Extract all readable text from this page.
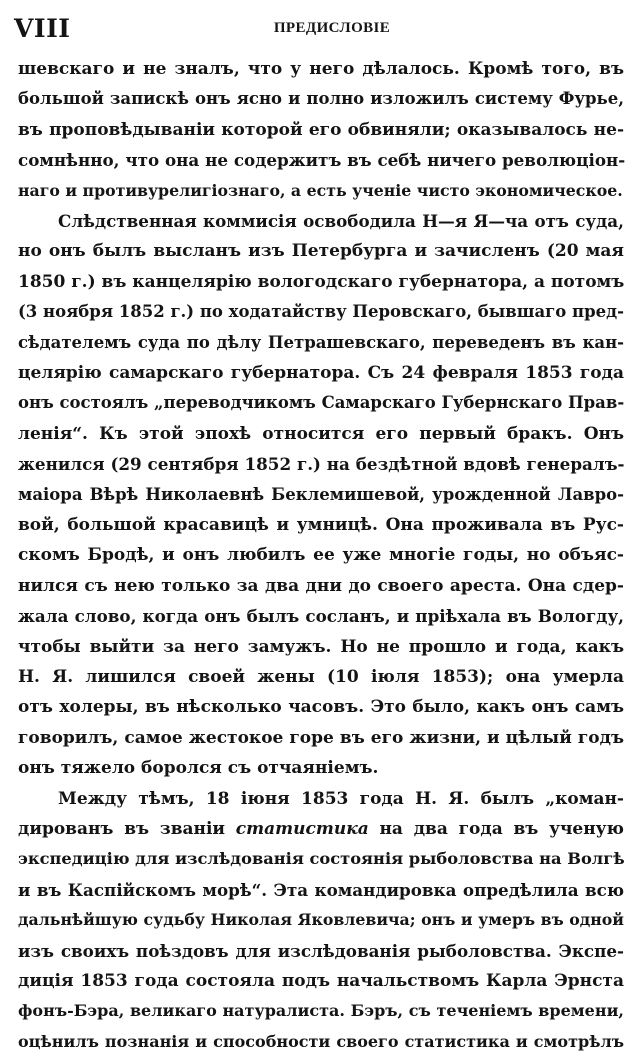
VIII	ПРЕДИСЛОВІЕ
шевскаго и не зналъ, что у него дѣлалось. Кромѣ того, въ
большой запискѣ онъ ясно и полно изложилъ систему Фурье,
въ проповѣдываніи которой его обвиняли; оказывалось не-
сомнѣнно, что она не содержитъ въ себѣ ничего революціон-
наго и противурелигіознаго, а есть ученіе чисто экономическое.
Слѣдственная коммисія освободила Н—я Я—ча отъ суда,
но онъ былъ высланъ изъ Петербурга и зачисленъ (20 мая
1850 г.) въ канцелярію вологодскаго губернатора, а потомъ
(3 ноября 1852 г.) по ходатайству Перовскаго, бывшаго пред-
сѣдателемъ суда по дѣлу Петрашевскаго, переведенъ въ кан-
целярію самарскаго губернатора. Съ 24 февраля 1853 года
онъ состоялъ „переводчикомъ Самарскаго Губернскаго Прав-
ленія“. Къ этой эпохѣ относится его первый бракъ. Онъ
женился (29 сентября 1852 г.) на бездѣтной вдовѣ генералъ-
маіора Вѣрѣ Николаевнѣ Беклемишевой, урожденной Лавро-
вой, большой красавицѣ и умницѣ. Она проживала въ Рус-
скомъ Бродѣ, и онъ любилъ ее уже многіе годы, но объяс-
нился съ нею только за два дни до своего ареста. Она сдер-
жала слово, когда онъ былъ сосланъ, и пріѣхала въ Вологду,
чтобы выйти за него замужъ. Но не прошло и года, какъ
Н. Я. лишился своей жены (10 іюля 1853); она умерла
отъ холеры, въ нѣсколько часовъ. Это было, какъ онъ самъ
говорилъ, самое жестокое горе въ его жизни, и цѣлый годъ
онъ тяжело боролся съ отчаяніемъ.
Между тѣмъ, 18 іюня 1853 года Н. Я. былъ „коман-
дированъ въ званіи статистика на два года въ ученую
экспедицію для изслѣдованія состоянія рыболовства на Волгѣ
и въ Каспійскомъ морѣ“. Эта командировка опредѣлила всю
дальнѣйшую судьбу Николая Яковлевича; онъ и умеръ въ одной
изъ своихъ поѣздовъ для изслѣдованія рыболовства. Экспе-
диція 1853 года состояла подъ начальствомъ Карла Эрнста
фонъ-Бэра, великаго натуралиста. Бэръ, съ теченіемъ времени,
оцѣнилъ познанія и способности своего статистика и смотрѣлъ
